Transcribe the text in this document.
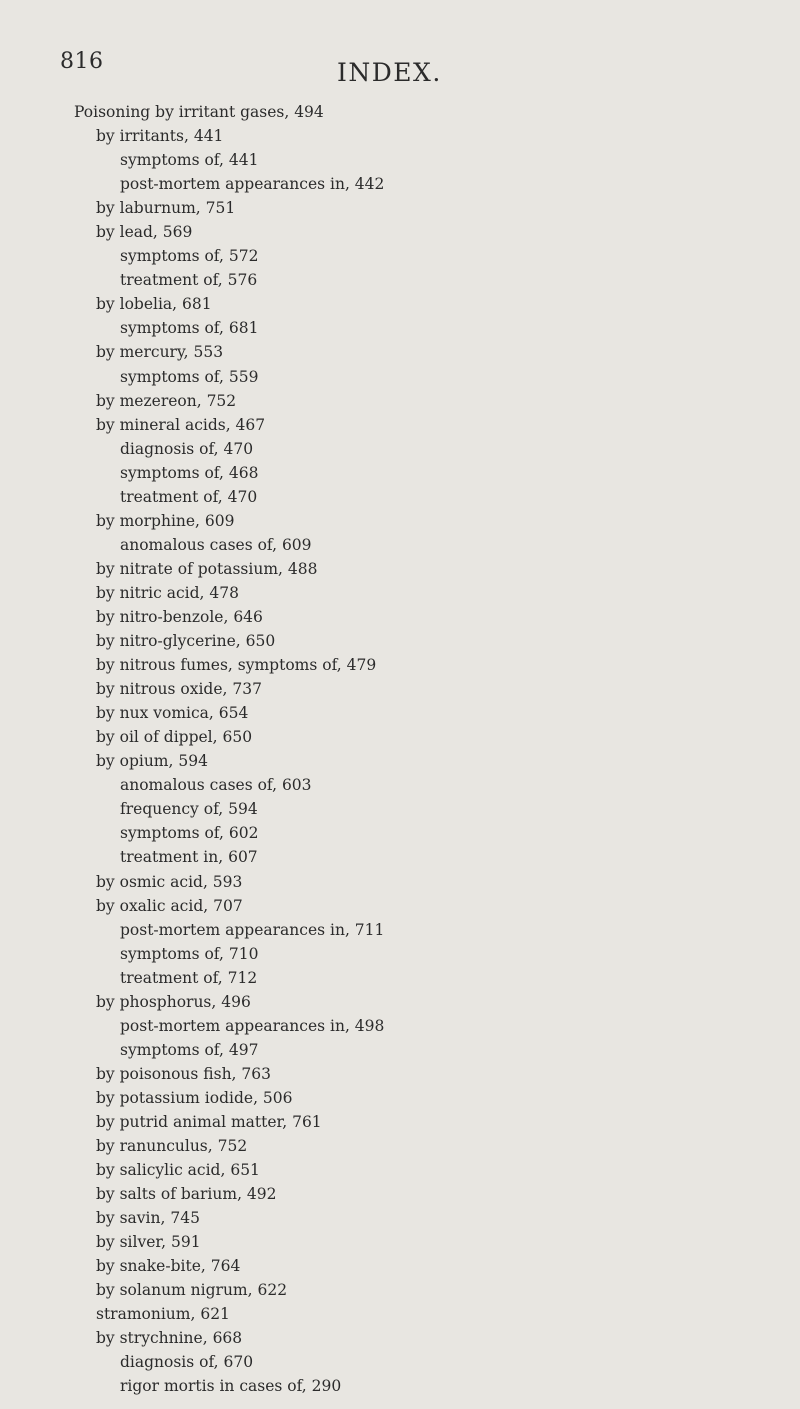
816	INDEX.
Poisoning by irritant gases, 494
by irritants, 441
symptoms of, 441
post-mortem appearances in, 442
by laburnum, 751
by lead, 569
symptoms of, 572
treatment of, 576
by lobelia, 681
symptoms of, 681
by mercury, 553
symptoms of, 559
by mezereon, 752
by mineral acids, 467
diagnosis of, 470
symptoms of, 468
treatment of, 470
by morphine, 609
anomalous cases of, 609
by nitrate of potassium, 488
by nitric acid, 478
by nitro-benzole, 646
by nitro-glycerine, 650
by nitrous fumes, symptoms of, 479
by nitrous oxide, 737
by nux vomica, 654
by oil of dippel, 650
by opium, 594
anomalous cases of, 603
frequency of, 594
symptoms of, 602
treatment in, 607
by osmic acid, 593
by oxalic acid, 707
post-mortem appearances in, 711
symptoms of, 710
treatment of, 712
by phosphorus, 496
post-mortem appearances in, 498
symptoms of, 497
by poisonous fish, 763
by potassium iodide, 506
by putrid animal matter, 761
by ranunculus, 752
by salicylic acid, 651
by salts of barium, 492
by savin, 745
by silver, 591
by snake-bite, 764
by solanum nigrum, 622
stramonium, 621
by strychnine, 668
diagnosis of, 670
rigor mortis in cases of, 290
